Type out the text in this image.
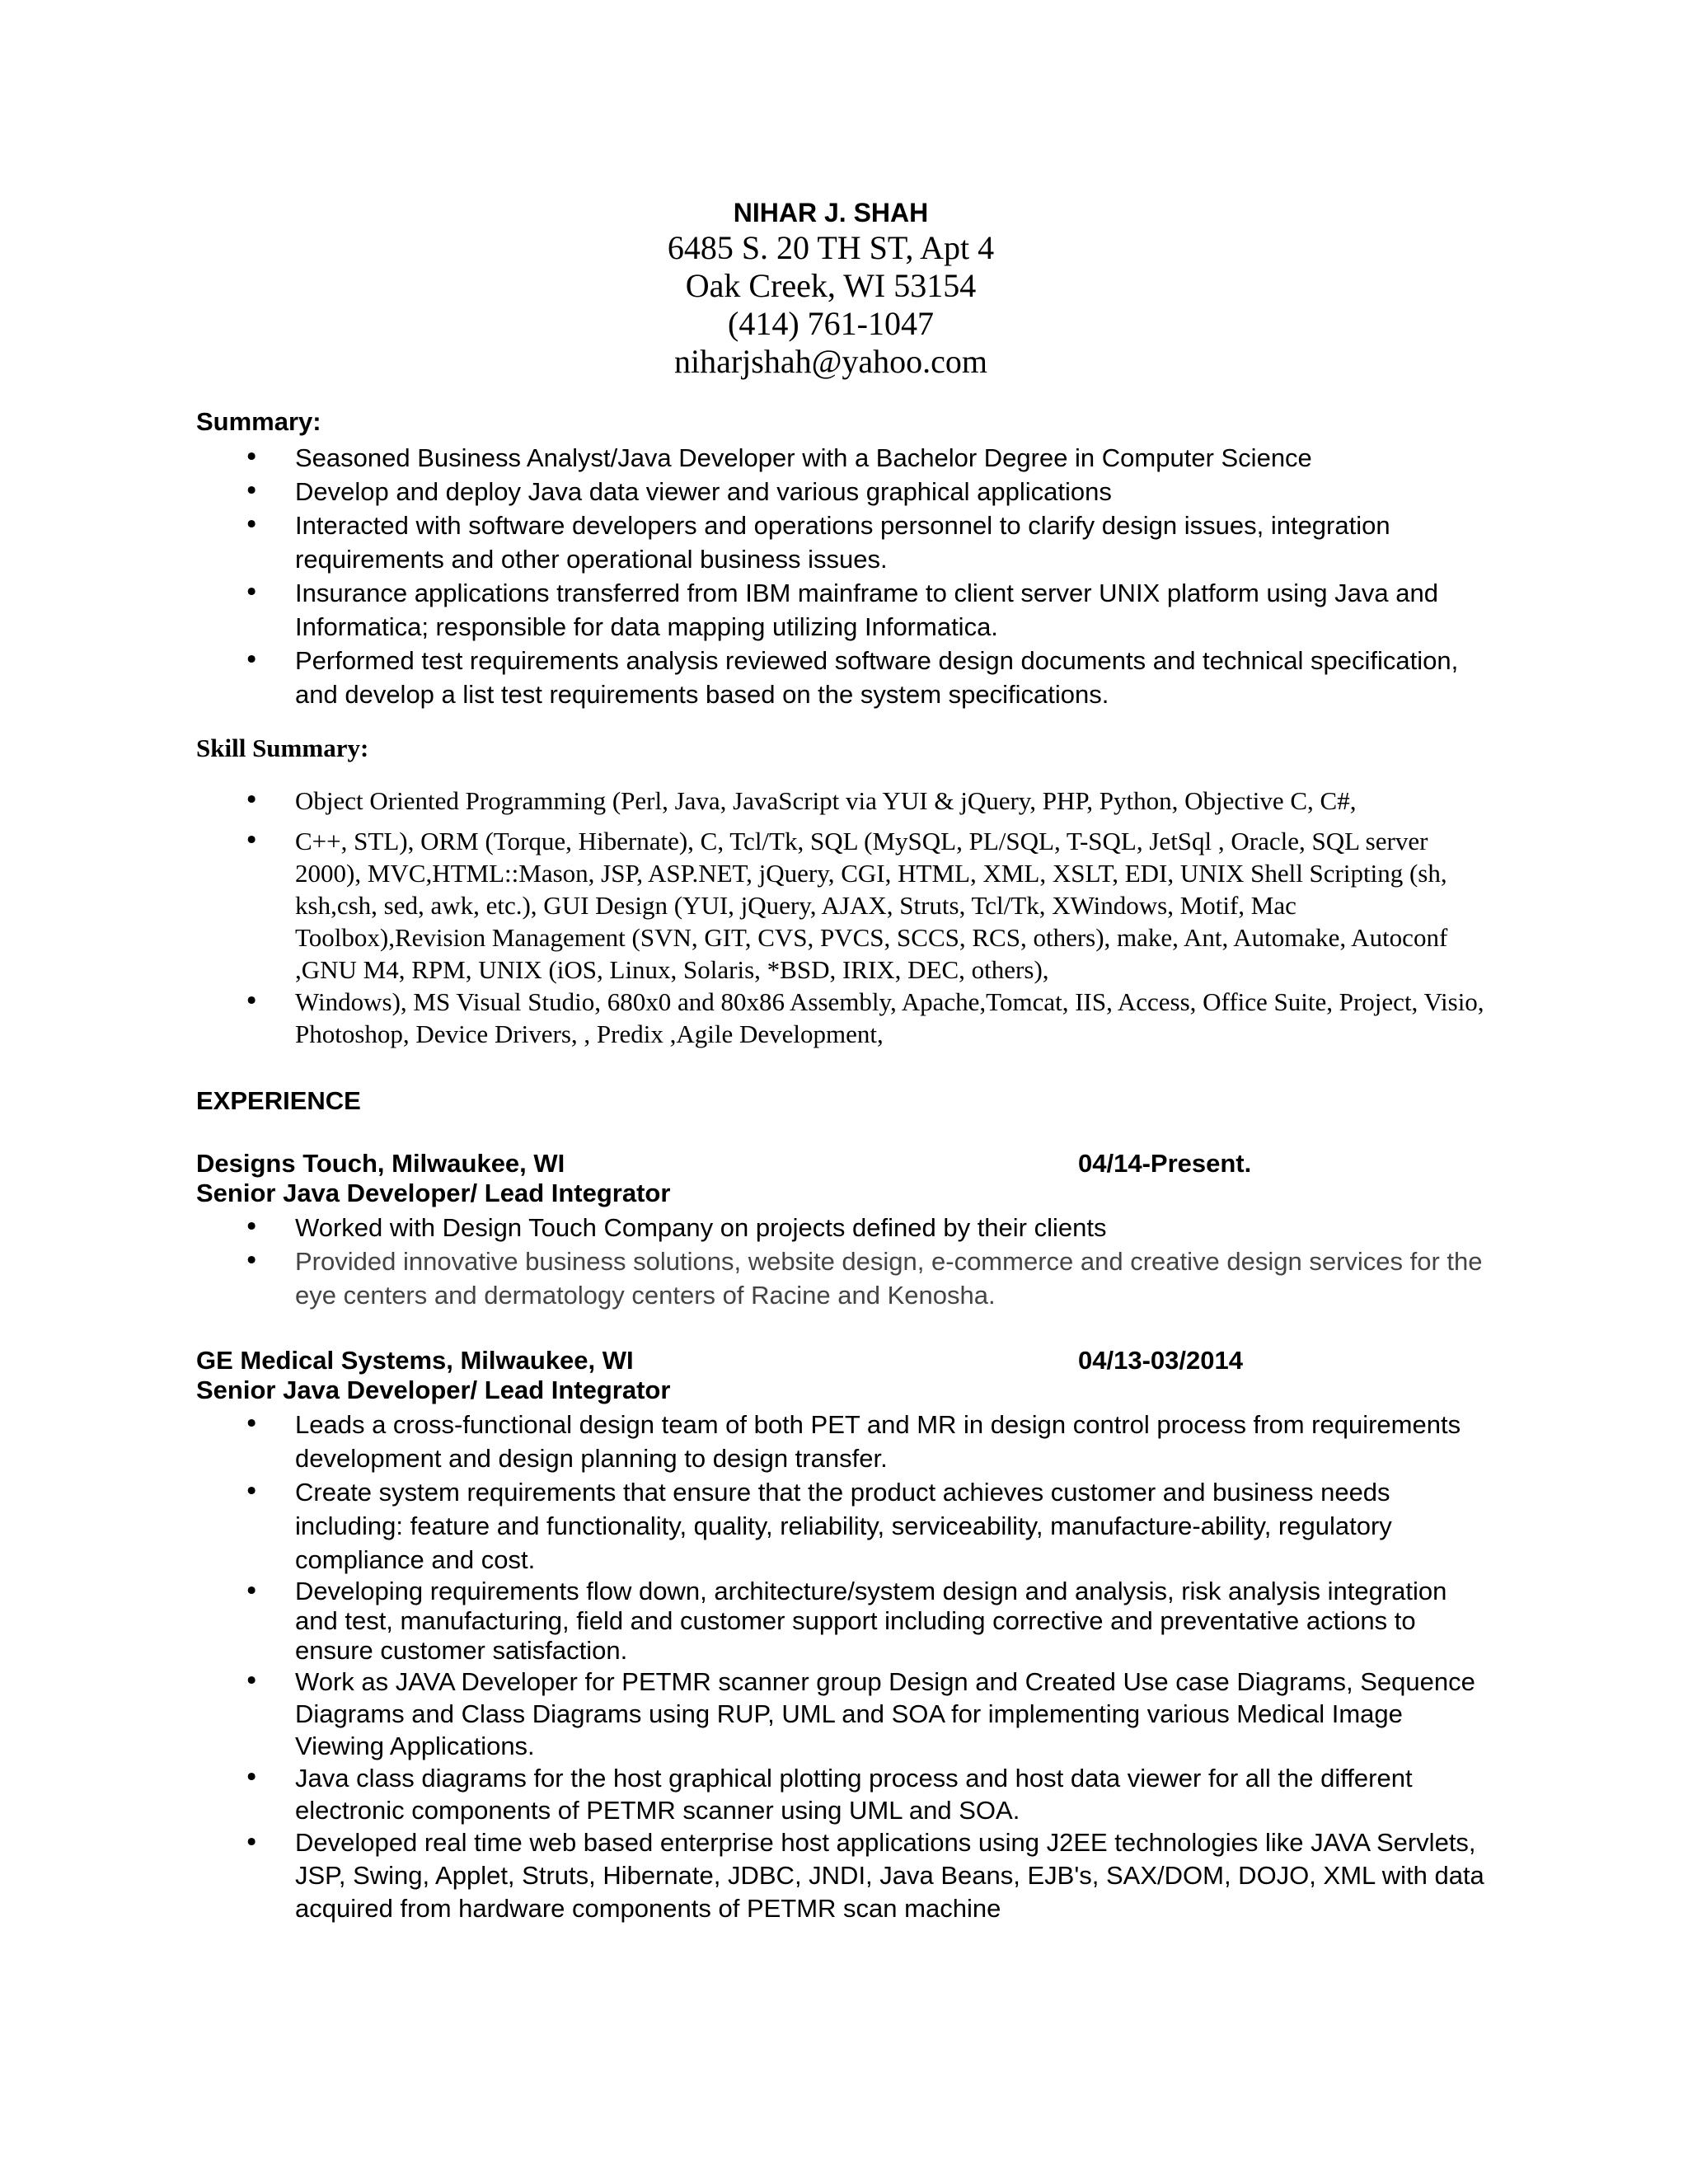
NIHAR J. SHAH
6485 S. 20 TH ST, Apt 4
Oak Creek, WI 53154
(414) 761-1047
niharjshah@yahoo.com
Summary:
• Seasoned Business Analyst/Java Developer with a Bachelor Degree in Computer Science
• Develop and deploy Java data viewer and various graphical applications
• Interacted with software developers and operations personnel to clarify design issues, integration requirements and other operational business issues.
• Insurance applications transferred from IBM mainframe to client server UNIX platform using Java and Informatica; responsible for data mapping utilizing Informatica.
• Performed test requirements analysis reviewed software design documents and technical specification, and develop a list test requirements based on the system specifications.
Skill Summary:
• Object Oriented Programming (Perl, Java, JavaScript via YUI & jQuery, PHP, Python, Objective C, C#,
• C++, STL), ORM (Torque, Hibernate), C, Tcl/Tk, SQL (MySQL, PL/SQL, T-SQL, JetSql , Oracle, SQL server 2000), MVC,HTML::Mason, JSP, ASP.NET, jQuery, CGI, HTML, XML, XSLT, EDI, UNIX Shell Scripting (sh, ksh,csh, sed, awk, etc.), GUI Design (YUI, jQuery, AJAX, Struts, Tcl/Tk, XWindows, Motif, Mac Toolbox),Revision Management (SVN, GIT, CVS, PVCS, SCCS, RCS, others), make, Ant, Automake, Autoconf ,GNU M4, RPM, UNIX (iOS, Linux, Solaris, *BSD, IRIX, DEC, others),
• Windows), MS Visual Studio, 680x0 and 80x86 Assembly, Apache,Tomcat, IIS, Access, Office Suite, Project, Visio, Photoshop, Device Drivers, , Predix ,Agile Development,
EXPERIENCE
Designs Touch, Milwaukee, WI	04/14-Present.
Senior Java Developer/ Lead Integrator
• Worked with Design Touch Company on projects defined by their clients
• Provided innovative business solutions, website design, e-commerce and creative design services for the eye centers and dermatology centers of Racine and Kenosha.
GE Medical Systems, Milwaukee, WI	04/13-03/2014
Senior Java Developer/ Lead Integrator
• Leads a cross-functional design team of both PET and MR in design control process from requirements development and design planning to design transfer.
• Create system requirements that ensure that the product achieves customer and business needs including: feature and functionality, quality, reliability, serviceability, manufacture-ability, regulatory compliance and cost.
• Developing requirements flow down, architecture/system design and analysis, risk analysis integration and test, manufacturing, field and customer support including corrective and preventative actions to ensure customer satisfaction.
• Work as JAVA Developer for PETMR scanner group Design and Created Use case Diagrams, Sequence Diagrams and Class Diagrams using RUP, UML and SOA for implementing various Medical Image Viewing Applications.
• Java class diagrams for the host graphical plotting process and host data viewer for all the different electronic components of PETMR scanner using UML and SOA.
• Developed real time web based enterprise host applications using J2EE technologies like JAVA Servlets, JSP, Swing, Applet, Struts, Hibernate, JDBC, JNDI, Java Beans, EJB's, SAX/DOM, DOJO, XML with data acquired from hardware components of PETMR scan machine
